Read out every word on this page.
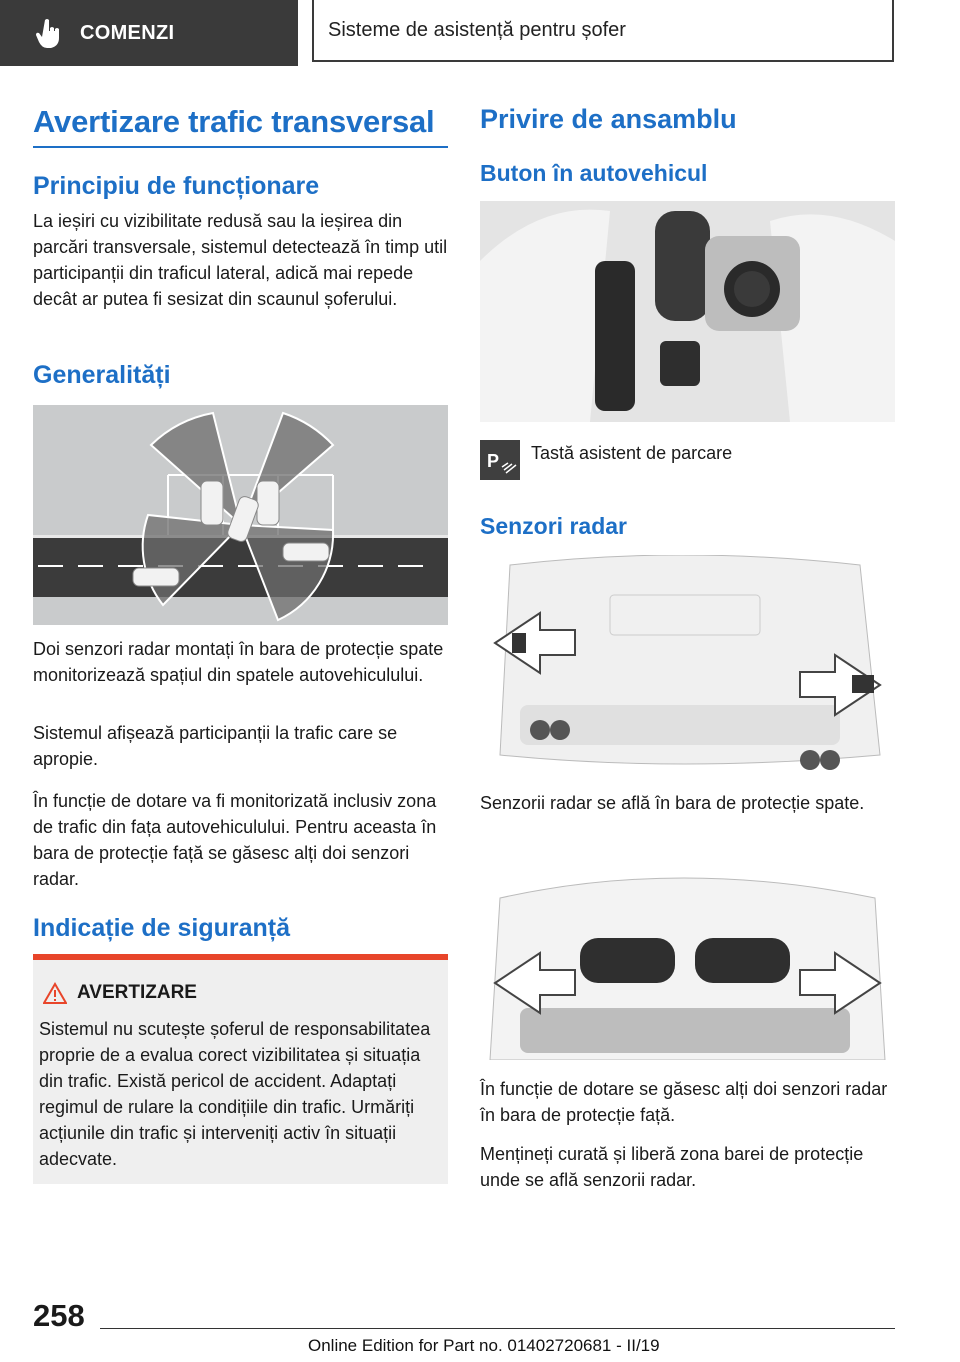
COMENZI	Sisteme de asistență pentru șofer
Avertizare trafic transversal
Principiu de funcționare

La ieșiri cu vizibilitate redusă sau la ieșirea din parcări transversale, sistemul detectează în timp util participanții din traficul lateral, adică mai repede decât ar putea fi sesizat din scaunul șoferului.

Generalități

Doi senzori radar montați în bara de protecție spate monitorizează spațiul din spatele autovehiculului.

Sistemul afișează participanții la trafic care se apropie.

În funcție de dotare va fi monitorizată inclusiv zona de trafic din fața autovehiculului. Pentru aceasta în bara de protecție față se găsesc alți doi senzori radar.

Indicație de siguranță
AVERTIZARE
Sistemul nu scutește șoferul de responsabilitatea proprie de a evalua corect vizibilitatea și situația din trafic. Există pericol de accident. Adaptați regimul de rulare la condițiile din trafic. Urmăriți acțiunile din trafic și interveniți activ în situații adecvate.
Privire de ansamblu
Buton în autovehicul
P Tastă asistent de parcare
Senzori radar
Senzorii radar se află în bara de protecție spate.

În funcție de dotare se găsesc alți doi senzori radar în bara de protecție față.

Mențineți curată și liberă zona barei de protecție unde se află senzorii radar.

258
Online Edition for Part no. 01402720681 - II/19
